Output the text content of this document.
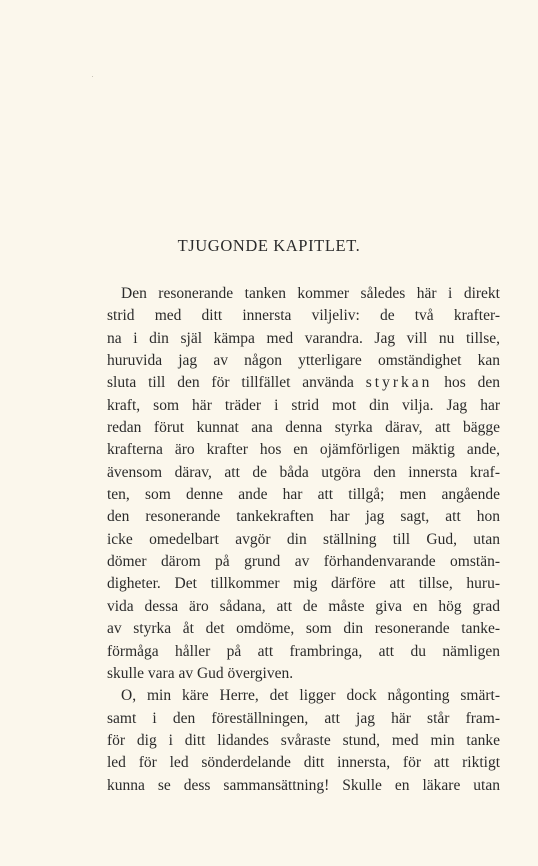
TJUGONDE KAPITLET.
Den resonerande tanken kommer således här i direkt
strid med ditt innersta viljeliv: de två krafter-
na i din själ kämpa med varandra. Jag vill nu tillse,
huruvida jag av någon ytterligare omständighet kan
sluta till den för tillfället använda styrkan hos den
kraft, som här träder i strid mot din vilja. Jag har
redan förut kunnat ana denna styrka därav, att bägge
krafterna äro krafter hos en ojämförligen mäktig ande,
ävensom därav, att de båda utgöra den innersta kraf-
ten, som denne ande har att tillgå; men angående
den resonerande tankekraften har jag sagt, att hon
icke omedelbart avgör din ställning till Gud, utan
dömer därom på grund av förhandenvarande omstän-
digheter. Det tillkommer mig därföre att tillse, huru-
vida dessa äro sådana, att de måste giva en hög grad
av styrka åt det omdöme, som din resonerande tanke-
förmåga håller på att frambringa, att du nämligen
skulle vara av Gud övergiven.
O, min käre Herre, det ligger dock någonting smärt-
samt i den föreställningen, att jag här står fram-
för dig i ditt lidandes svåraste stund, med min tanke
led för led sönderdelande ditt innersta, för att riktigt
kunna se dess sammansättning! Skulle en läkare utan
